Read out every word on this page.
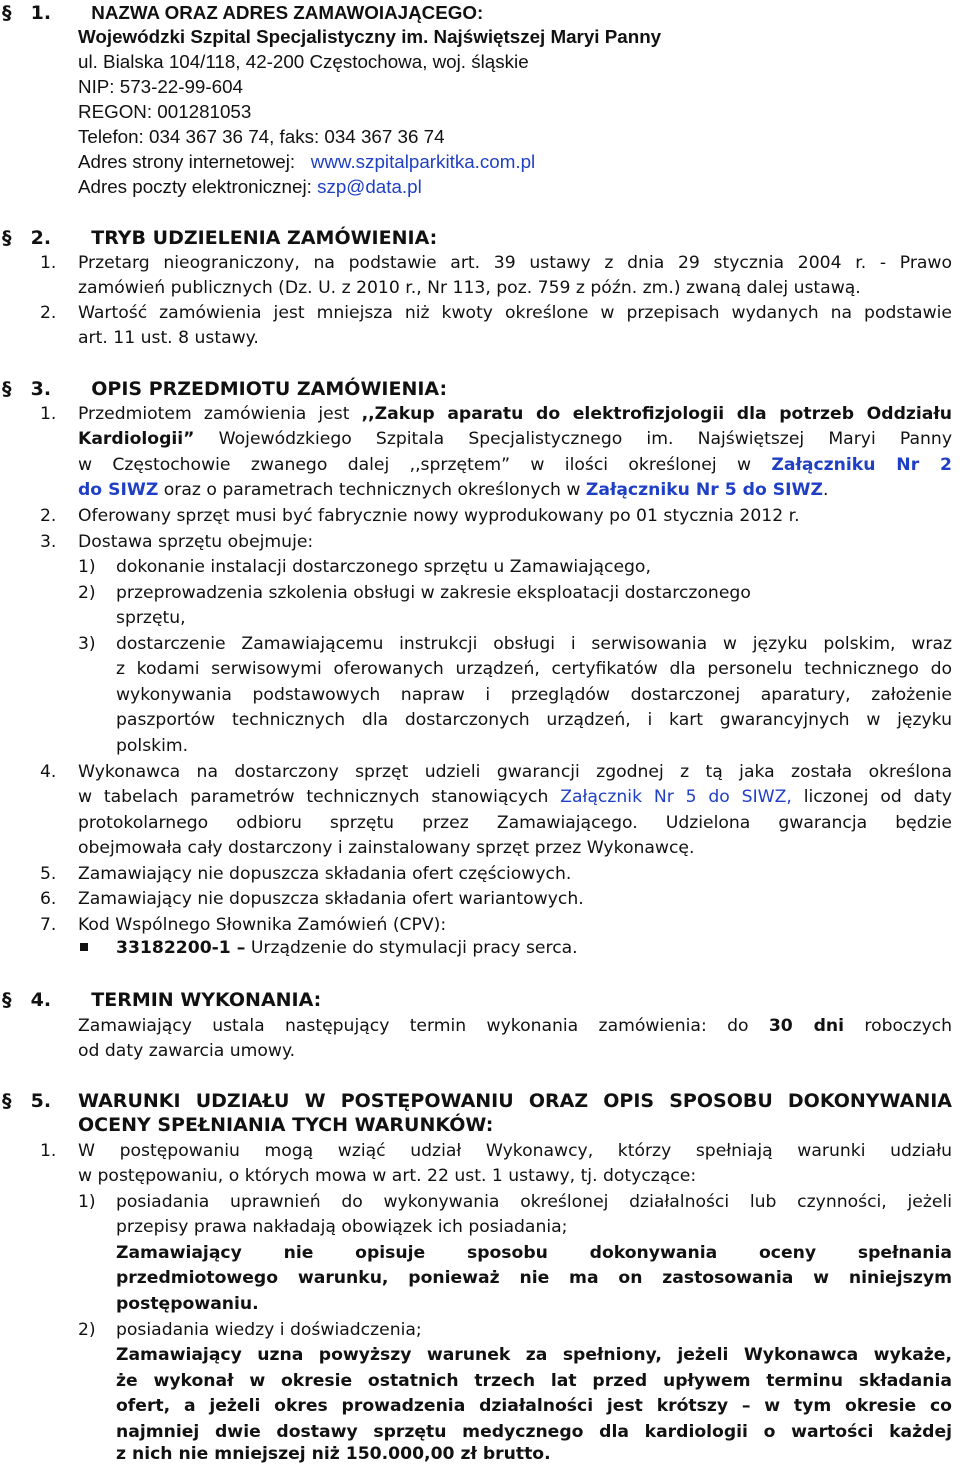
§ 1. NAZWA ORAZ ADRES ZAMAWOIAJĄCEGO:
Wojewódzki Szpital Specjalistyczny im. Najświętszej Maryi Panny
ul. Bialska 104/118, 42-200 Częstochowa, woj. śląskie
NIP: 573-22-99-604
REGON: 001281053
Telefon: 034 367 36 74, faks: 034 367 36 74
Adres strony internetowej: www.szpitalparkitka.com.pl
Adres poczty elektronicznej: szp@data.pl
§ 2. TRYB UDZIELENIA ZAMÓWIENIA:
1. Przetarg nieograniczony, na podstawie art. 39 ustawy z dnia 29 stycznia 2004 r. - Prawo
zamówień publicznych (Dz. U. z 2010 r., Nr 113, poz. 759 z późn. zm.) zwaną dalej ustawą.
2. Wartość zamówienia jest mniejsza niż kwoty określone w przepisach wydanych na podstawie
art. 11 ust. 8 ustawy.
§ 3. OPIS PRZEDMIOTU ZAMÓWIENIA:
1. Przedmiotem zamówienia jest ,,Zakup aparatu do elektrofizjologii dla potrzeb Oddziału
Kardiologii” Wojewódzkiego Szpitala Specjalistycznego im. Najświętszej Maryi Panny
w Częstochowie zwanego dalej ,,sprzętem” w ilości określonej w Załączniku Nr 2
do SIWZ oraz o parametrach technicznych określonych w Załączniku Nr 5 do SIWZ.
2. Oferowany sprzęt musi być fabrycznie nowy wyprodukowany po 01 stycznia 2012 r.
3. Dostawa sprzętu obejmuje:
1) dokonanie instalacji dostarczonego sprzętu u Zamawiającego,
2) przeprowadzenia szkolenia obsługi w zakresie eksploatacji dostarczonego
sprzętu,
3) dostarczenie Zamawiającemu instrukcji obsługi i serwisowania w języku polskim, wraz
z kodami serwisowymi oferowanych urządzeń, certyfikatów dla personelu technicznego do
wykonywania podstawowych napraw i przeglądów dostarczonej aparatury, założenie
paszportów technicznych dla dostarczonych urządzeń, i kart gwarancyjnych w języku
polskim.
4. Wykonawca na dostarczony sprzęt udzieli gwarancji zgodnej z tą jaka została określona
w tabelach parametrów technicznych stanowiących Załącznik Nr 5 do SIWZ, liczonej od daty
protokolarnego odbioru sprzętu przez Zamawiającego. Udzielona gwarancja będzie
obejmowała cały dostarczony i zainstalowany sprzęt przez Wykonawcę.
5. Zamawiający nie dopuszcza składania ofert częściowych.
6. Zamawiający nie dopuszcza składania ofert wariantowych.
7. Kod Wspólnego Słownika Zamówień (CPV):
33182200-1 – Urządzenie do stymulacji pracy serca.
§ 4. TERMIN WYKONANIA:
Zamawiający ustala następujący termin wykonania zamówienia: do 30 dni roboczych
od daty zawarcia umowy.
§ 5.	WARUNKI UDZIAŁU W POSTĘPOWANIU ORAZ OPIS SPOSOBU DOKONYWANIA
OCENY SPEŁNIANIA TYCH WARUNKÓW:
1. W postępowaniu mogą wziąć udział Wykonawcy, którzy spełniają warunki udziału
w postępowaniu, o których mowa w art. 22 ust. 1 ustawy, tj. dotyczące:
1) posiadania uprawnień do wykonywania określonej działalności lub czynności, jeżeli
przepisy prawa nakładają obowiązek ich posiadania;
Zamawiający nie opisuje sposobu dokonywania oceny spełnania
przedmiotowego warunku, ponieważ nie ma on zastosowania w niniejszym
postępowaniu.
2) posiadania wiedzy i doświadczenia;
Zamawiający uzna powyższy warunek za spełniony, jeżeli Wykonawca wykaże,
że wykonał w okresie ostatnich trzech lat przed upływem terminu składania
ofert, a jeżeli okres prowadzenia działalności jest krótszy – w tym okresie co
najmniej dwie dostawy sprzętu medycznego dla kardiologii o wartości każdej
z nich nie mniejszej niż 150.000,00 zł brutto.
